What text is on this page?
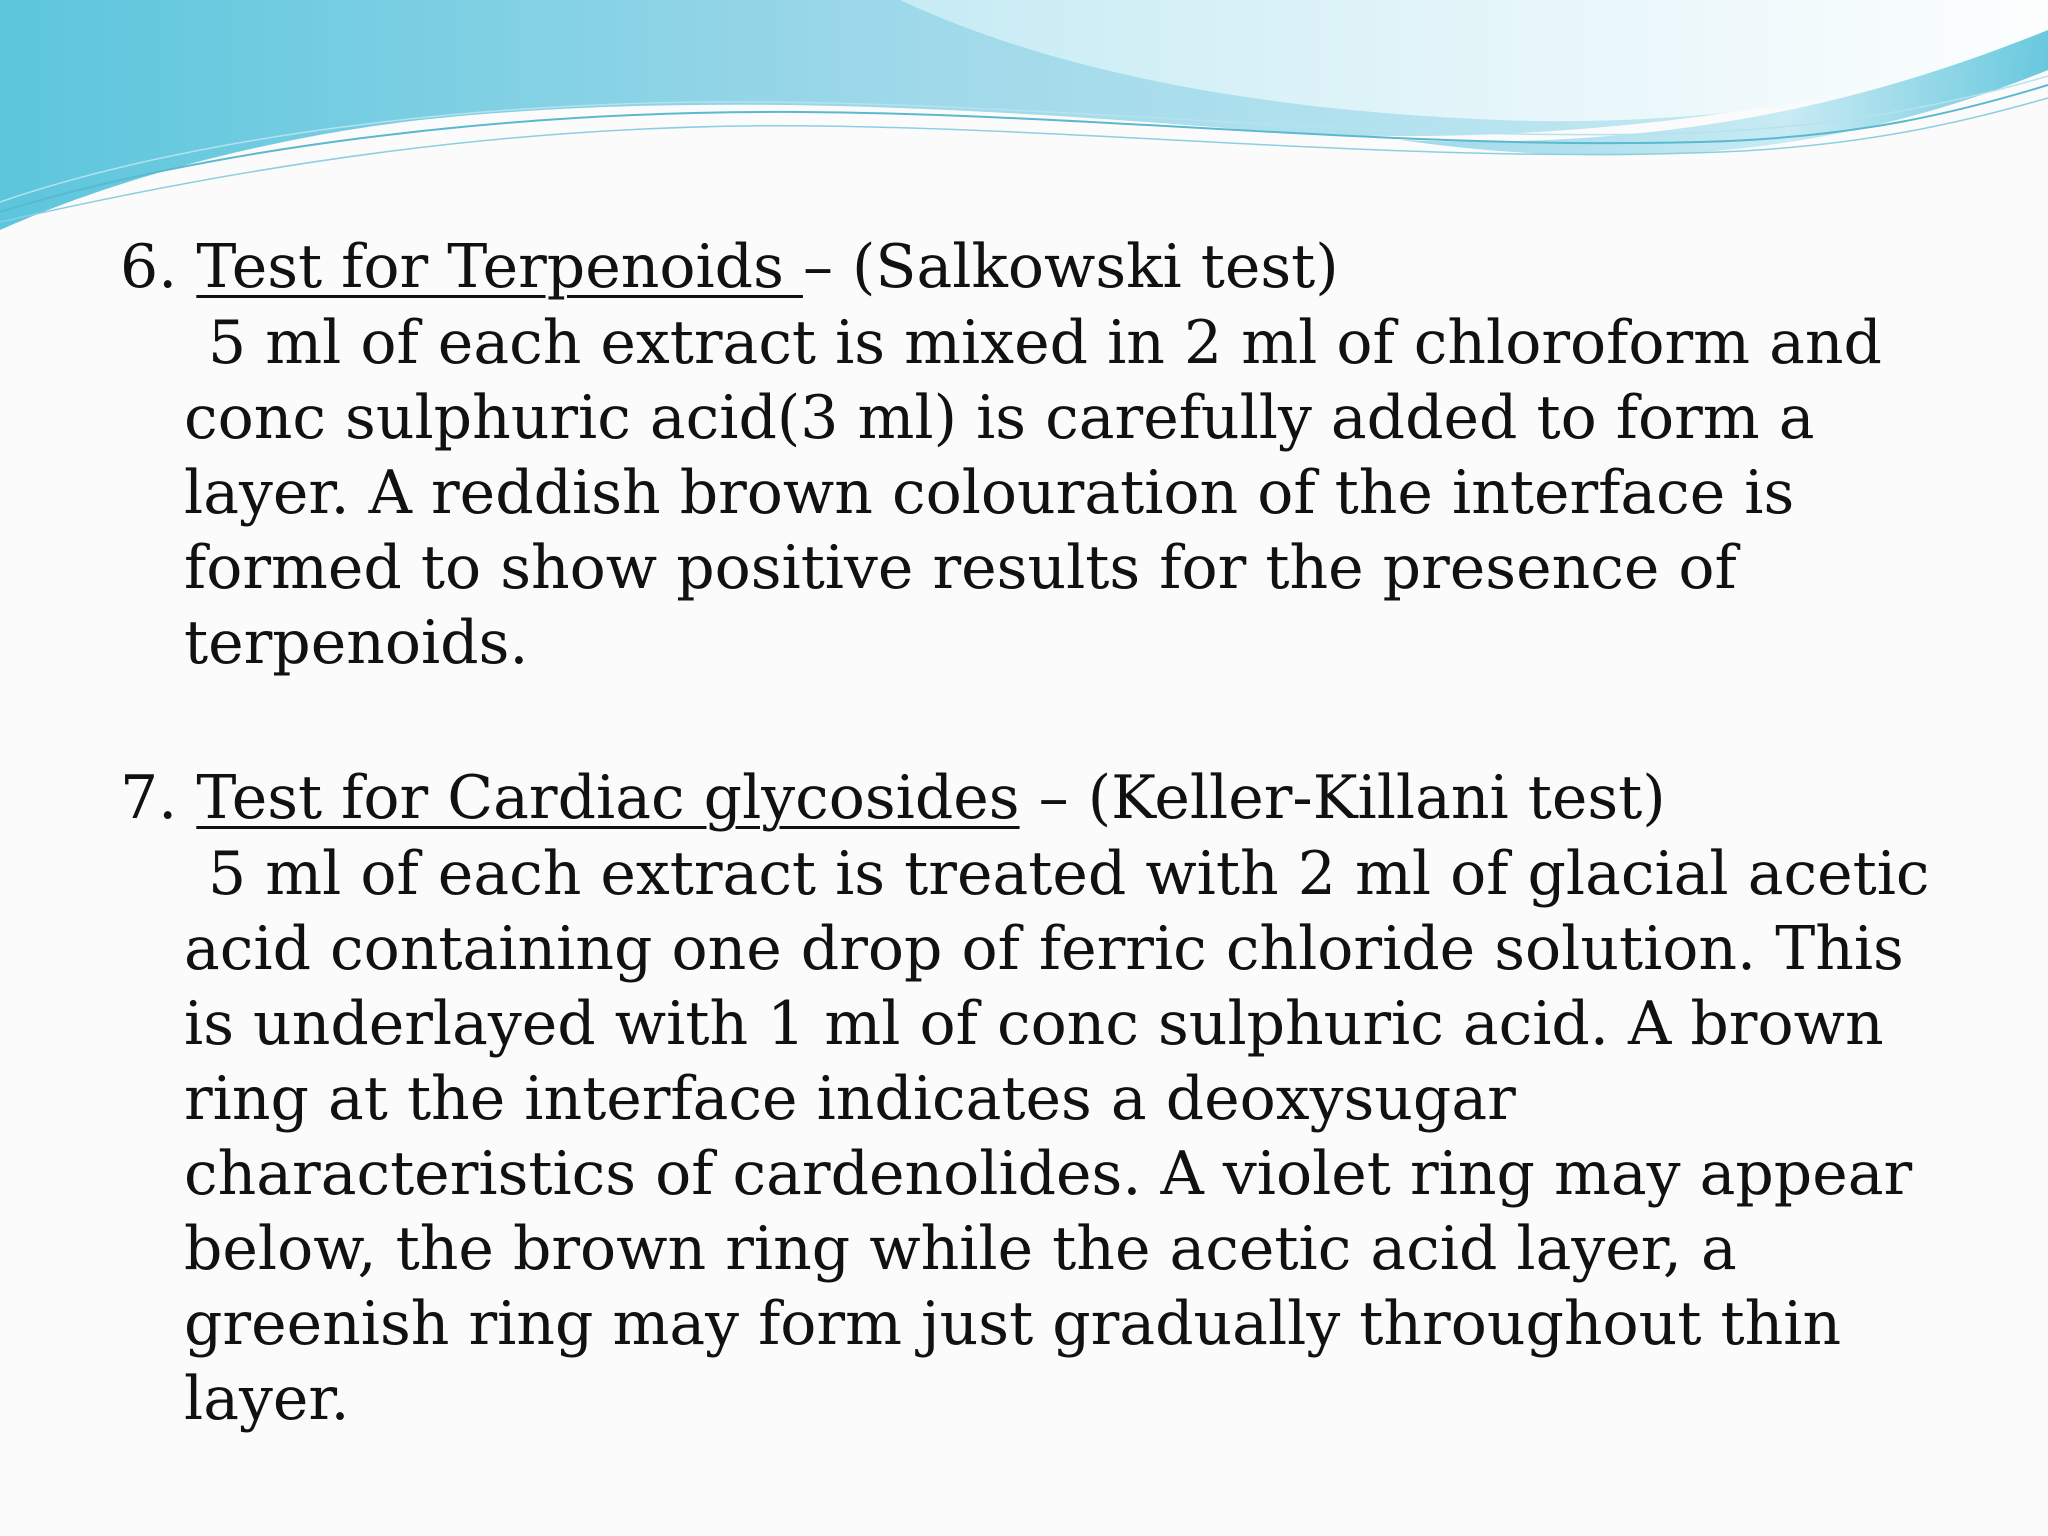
6. Test for Terpenoids – (Salkowski test)
5 ml of each extract is mixed in 2 ml of chloroform and conc sulphuric acid(3 ml) is carefully added to form a layer. A reddish brown colouration of the interface is formed to show positive results for the presence of terpenoids.
7. Test for Cardiac glycosides – (Keller-Killani test)
5 ml of each extract is treated with 2 ml of glacial acetic acid containing one drop of ferric chloride solution. This is underlayed with 1 ml of conc sulphuric acid. A brown ring at the interface indicates a deoxysugar characteristics of cardenolides. A violet ring may appear below, the brown ring while the acetic acid layer, a greenish ring may form just gradually throughout thin layer.
